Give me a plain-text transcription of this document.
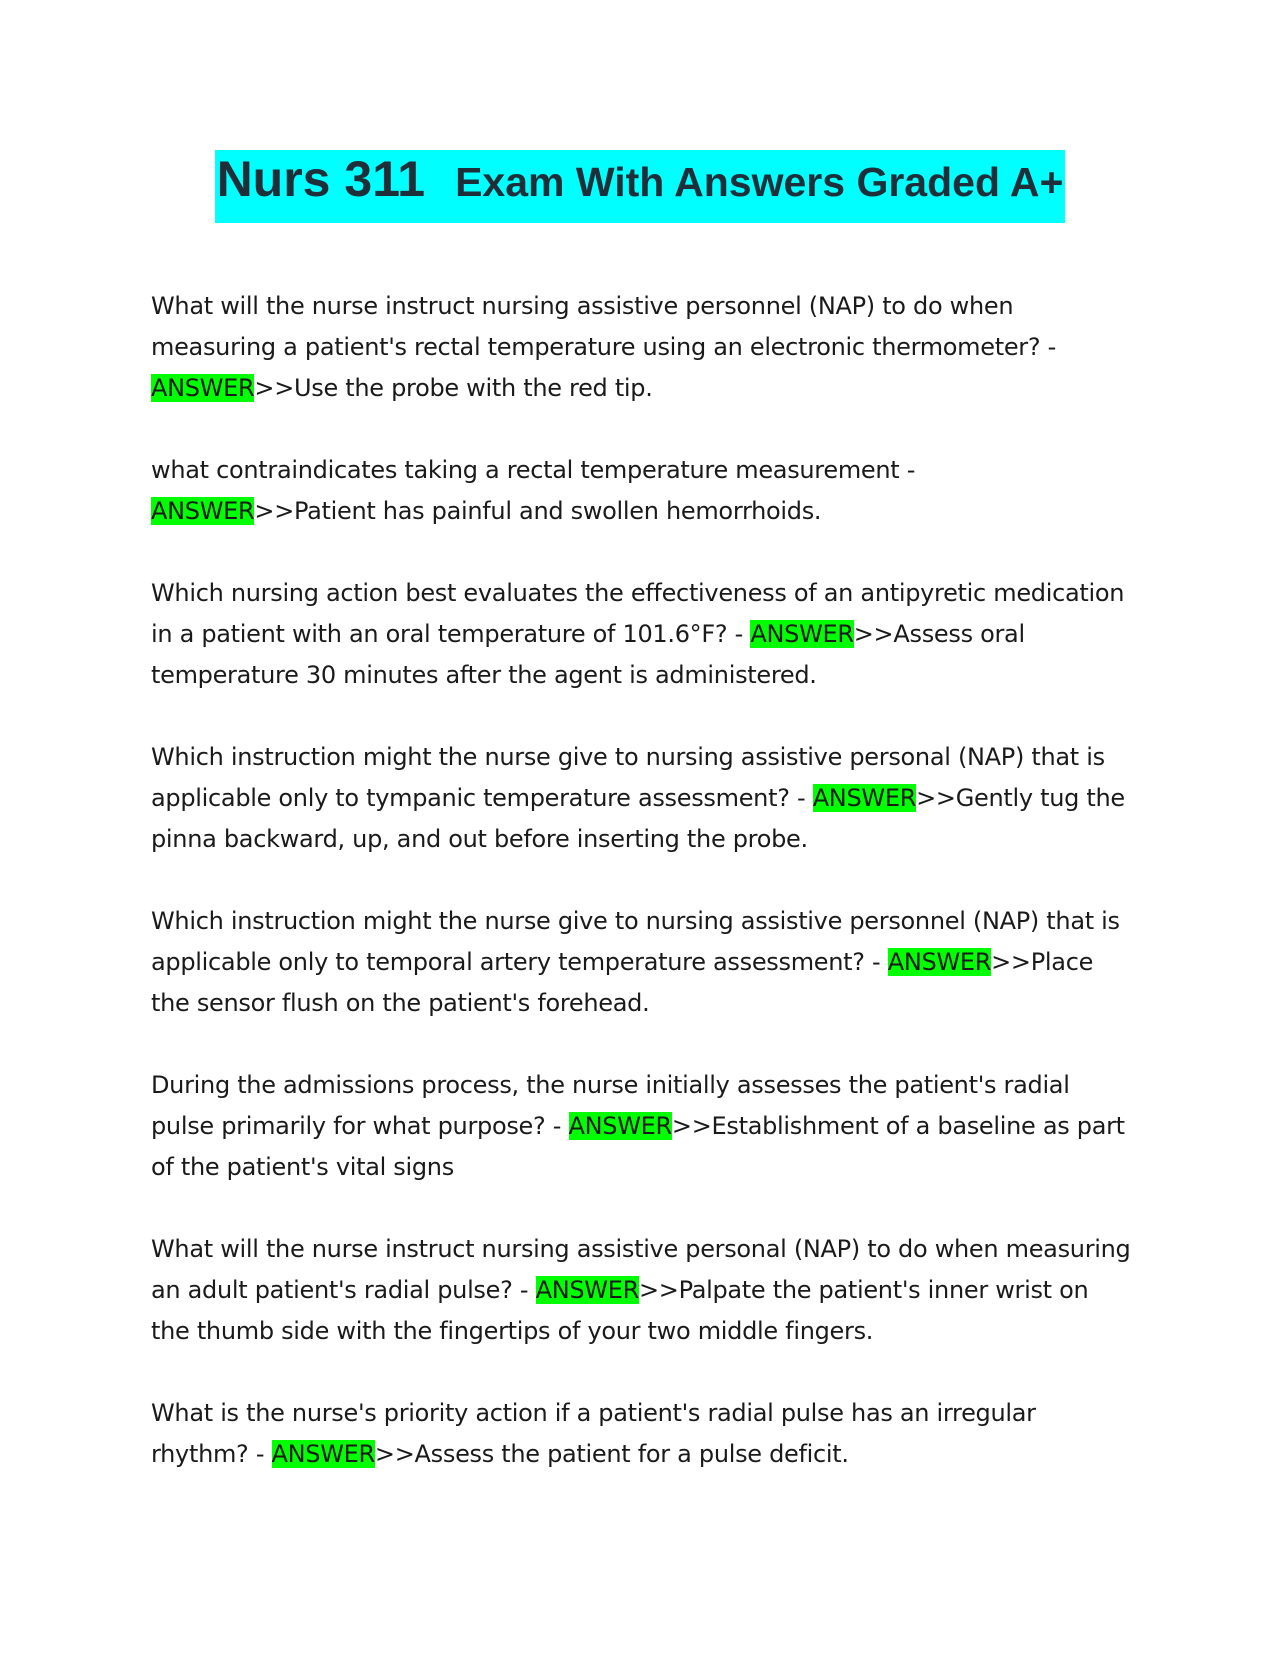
Nurs 311 Exam With Answers Graded A+

What will the nurse instruct nursing assistive personnel (NAP) to do when measuring a patient's rectal temperature using an electronic thermometer? - ANSWER>>Use the probe with the red tip.

what contraindicates taking a rectal temperature measurement - ANSWER>>Patient has painful and swollen hemorrhoids.

Which nursing action best evaluates the effectiveness of an antipyretic medication in a patient with an oral temperature of 101.6°F? - ANSWER>>Assess oral temperature 30 minutes after the agent is administered.

Which instruction might the nurse give to nursing assistive personal (NAP) that is applicable only to tympanic temperature assessment? - ANSWER>>Gently tug the pinna backward, up, and out before inserting the probe.

Which instruction might the nurse give to nursing assistive personnel (NAP) that is applicable only to temporal artery temperature assessment? - ANSWER>>Place the sensor flush on the patient's forehead.

During the admissions process, the nurse initially assesses the patient's radial pulse primarily for what purpose? - ANSWER>>Establishment of a baseline as part of the patient's vital signs

What will the nurse instruct nursing assistive personal (NAP) to do when measuring an adult patient's radial pulse? - ANSWER>>Palpate the patient's inner wrist on the thumb side with the fingertips of your two middle fingers.

What is the nurse's priority action if a patient's radial pulse has an irregular rhythm? - ANSWER>>Assess the patient for a pulse deficit.
